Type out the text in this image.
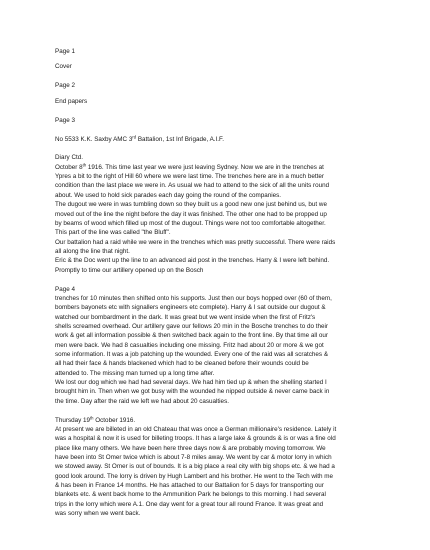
Page 1
Cover
Page 2
End papers
Page 3
No 5533 K.K. Saxby AMC 3rd Battalion, 1st Inf Brigade, A.I.F.
Diary Ctd.
October 8th 1916. This time last year we were just leaving Sydney. Now we are in the trenches at
Ypres a bit to the right of Hill 60 where we were last time. The trenches here are in a much better
condition than the last place we were in. As usual we had to attend to the sick of all the units round
about. We used to hold sick parades each day going the round of the companies.
The dugout we were in was tumbling down so they built us a good new one just behind us, but we
moved out of the line the night before the day it was finished. The other one had to be propped up
by beams of wood which filled up most of the dugout. Things were not too comfortable altogether.
This part of the line was called "the Bluff".
Our battalion had a raid while we were in the trenches which was pretty successful. There were raids
all along the line that night.
Eric & the Doc went up the line to an advanced aid post in the trenches. Harry & I were left behind.
Promptly to time our artillery opened up on the Bosch
Page 4
trenches for 10 minutes then shifted onto his supports. Just then our boys hopped over (60 of them,
bombers bayonets etc with signallers engineers etc complete). Harry & I sat outside our dugout &
watched our bombardment in the dark. It was great but we went inside when the first of Fritz's
shells screamed overhead. Our artillery gave our fellows 20 min in the Bosche trenches to do their
work & get all information possible & then switched back again to the front line. By that time all our
men were back. We had 8 casualties including one missing. Fritz had about 20 or more & we got
some information. It was a job patching up the wounded. Every one of the raid was all scratches &
all had their face & hands blackened which had to be cleaned before their wounds could be
attended to. The missing man turned up a long time after.
We lost our dog which we had had several days. We had him tied up & when the shelling started I
brought him in. Then when we got busy with the wounded he nipped outside & never came back in
the time. Day after the raid we left we had about 20 casualties.
Thursday 19th October 1916.
At present we are billeted in an old Chateau that was once a German millionaire's residence. Lately it
was a hospital & now it is used for billeting troops. It has a large lake & grounds & is or was a fine old
place like many others. We have been here three days now & are probably moving tomorrow. We
have been into St Omer twice which is about 7-8 miles away. We went by car & motor lorry in which
we stowed away. St Omer is out of bounds. It is a big place a real city with big shops etc. & we had a
good look around. The lorry is driven by Hugh Lambert and his brother. He went to the Tech with me
& has been in France 14 months. He has attached to our Battalion for 5 days for transporting our
blankets etc. & went back home to the Ammunition Park he belongs to this morning. I had several
trips in the lorry which were A.1. One day went for a great tour all round France. It was great and
was sorry when we went back.
